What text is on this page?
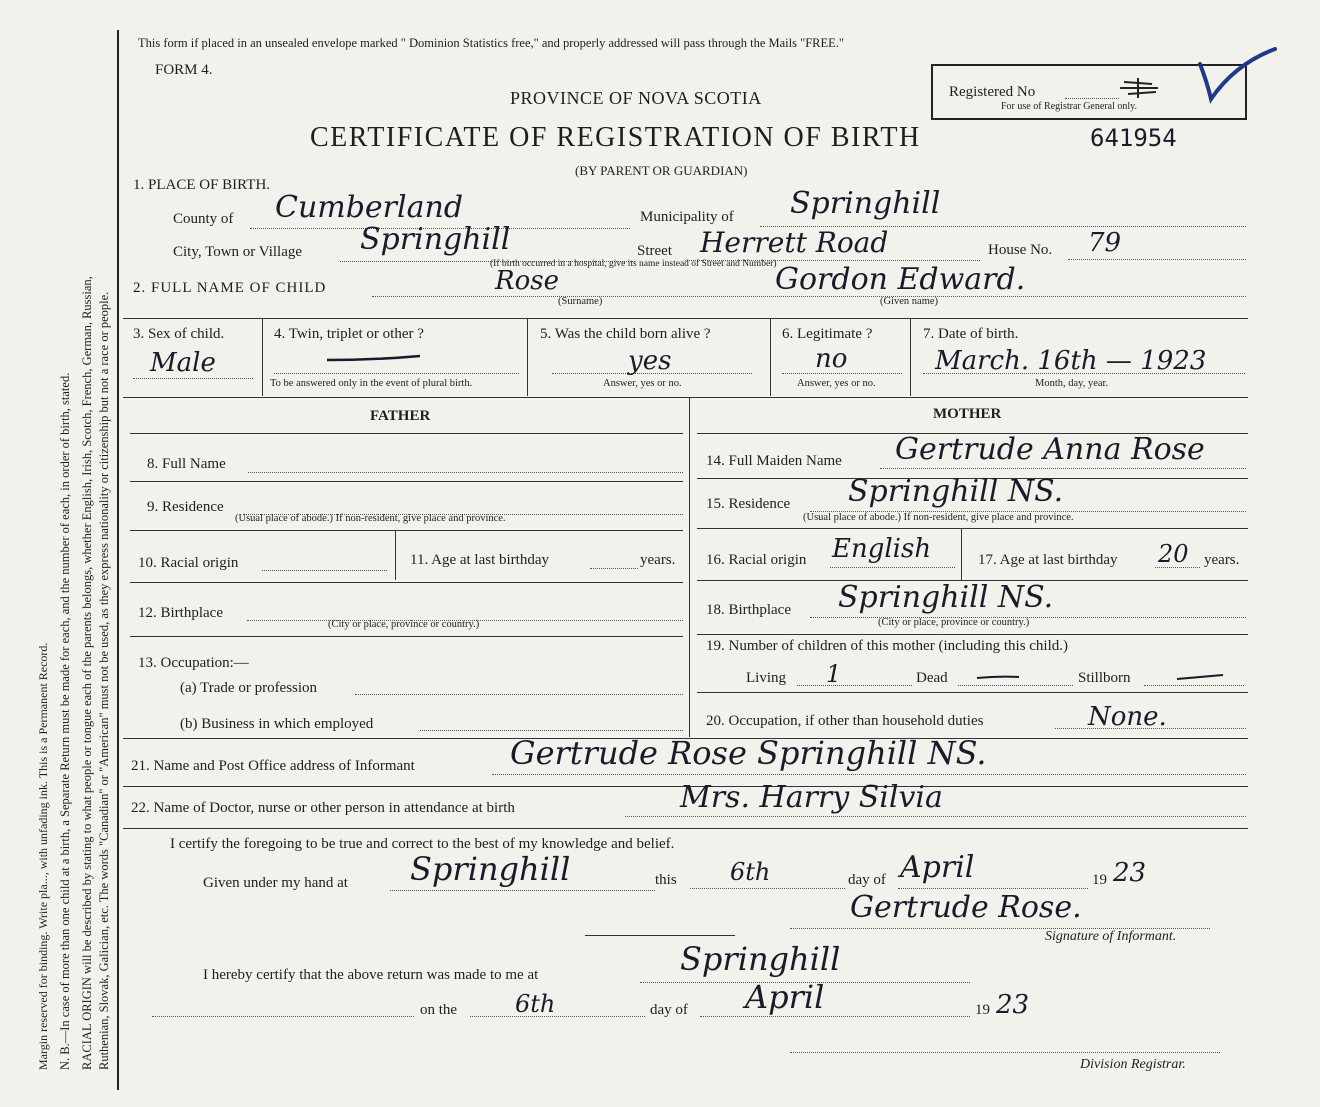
Margin reserved for binding. Write pla..., with unfading ink. This is a Permanent Record. N. B.—In case of more than one child at a birth, a Separate Return must be made for each, and the number of each, in order of birth, stated. RACIAL ORIGIN will be described by stating to what people or tongue each of the parents belongs, whether English, Irish, Scotch, French, German, Russian, Ruthenian, Slovak, Galician, etc. The words "Canadian" or "American" must not be used, as they express nationality or citizenship but not a race or people.
This form if placed in an unsealed envelope marked " Dominion Statistics free," and properly addressed will pass through the Mails "FREE."
FORM 4.
PROVINCE OF NOVA SCOTIA
CERTIFICATE OF REGISTRATION OF BIRTH	641954
(BY PARENT OR GUARDIAN)
Registered No
For use of Registrar General only.
1. PLACE OF BIRTH.
County of Cumberland	Municipality of Springhill
City, Town or Village Springhill	Street Herrett Road	House No. 79
(If birth occurred in a hospital, give its name instead of Street and Number)
2. FULL NAME OF CHILD	Rose	Gordon Edward.
(Surname)	(Given name)
3. Sex of child.
Male
4. Twin, triplet or other ?
To be answered only in the event of plural birth.
5. Was the child born alive ?
yes
Answer, yes or no.
6. Legitimate ?
no
Answer, yes or no.
7. Date of birth.
March. 16th — 1923
Month, day, year.
FATHER	MOTHER
8. Full Name
9. Residence
(Usual place of abode.) If non-resident, give place and province.
10. Racial origin	11. Age at last birthday	years.
12. Birthplace
(City or place, province or country.)
13. Occupation:—
(a) Trade or profession
(b) Business in which employed
14. Full Maiden Name Gertrude Anna Rose
15. Residence Springhill NS.
(Usual place of abode.) If non-resident, give place and province.
16. Racial origin English	17. Age at last birthday 20 years.
18. Birthplace Springhill NS.
(City or place, province or country.)
19. Number of children of this mother (including this child.)
Living 1	Dead	Stillborn
20. Occupation, if other than household duties	None.
21. Name and Post Office address of Informant	Gertrude Rose Springhill NS.
22. Name of Doctor, nurse or other person in attendance at birth	Mrs. Harry Silvia
I certify the foregoing to be true and correct to the best of my knowledge and belief.
Given under my hand at Springhill	this 6th	day of April	19 23
Gertrude Rose.
Signature of Informant.
I hereby certify that the above return was made to me at	Springhill
on the 6th	day of April	19 23
Division Registrar.
